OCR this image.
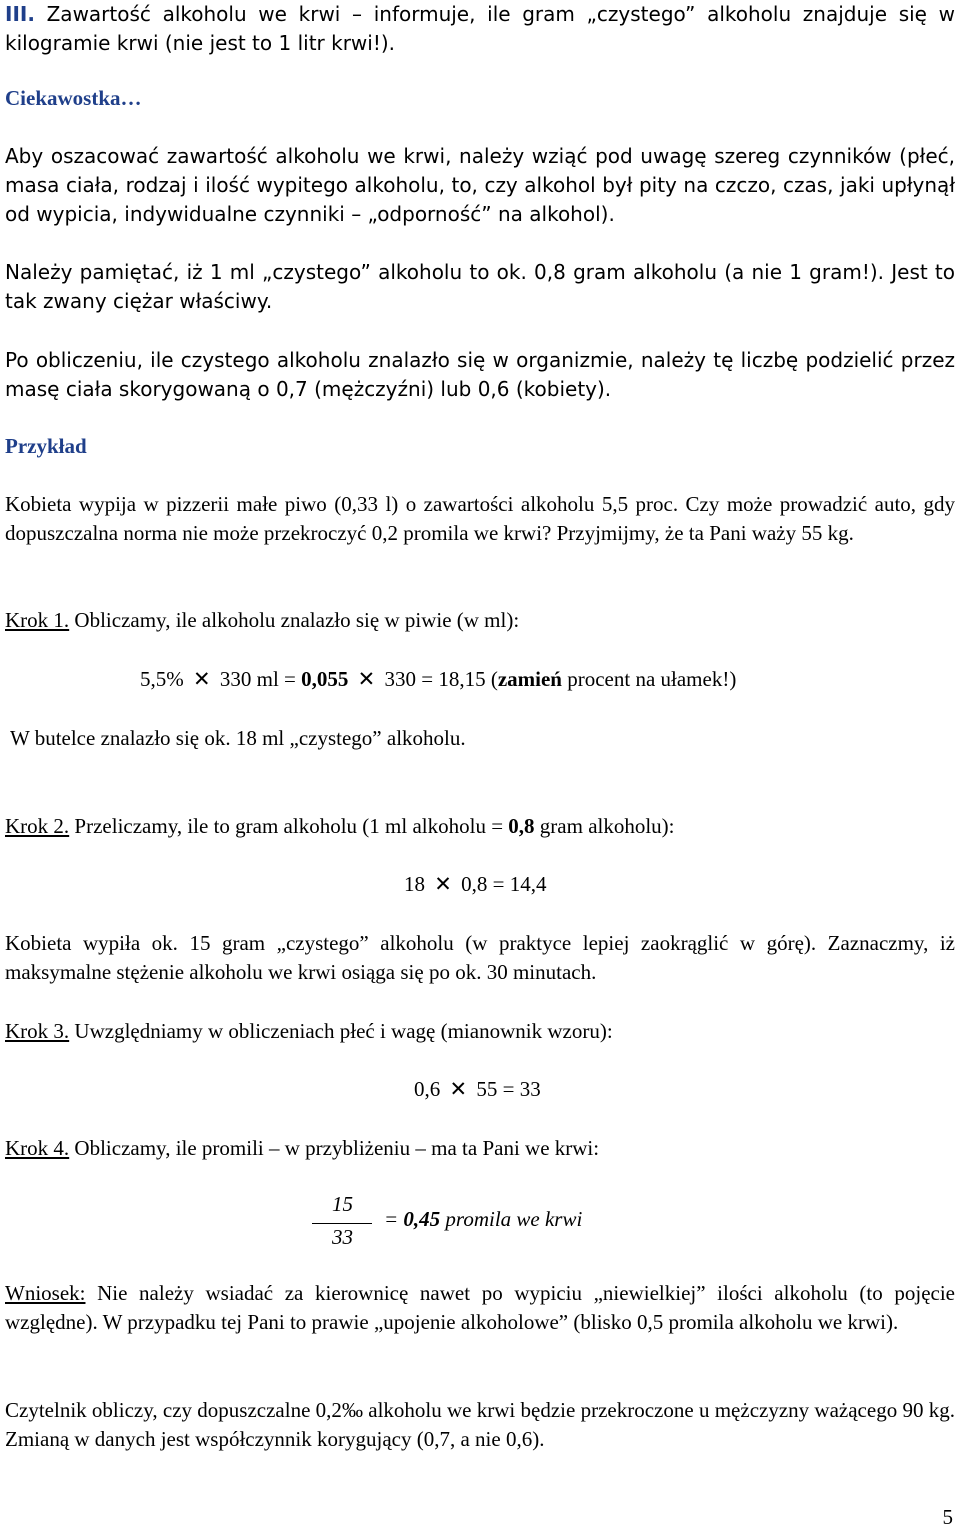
III. Zawartość alkoholu we krwi – informuje, ile gram „czystego” alkoholu znajduje się w kilogramie krwi (nie jest to 1 litr krwi!).
Ciekawostka…
Aby oszacować zawartość alkoholu we krwi, należy wziąć pod uwagę szereg czynników (płeć, masa ciała, rodzaj i ilość wypitego alkoholu, to, czy alkohol był pity na czczo, czas, jaki upłynął od wypicia, indywidualne czynniki – „odporność” na alkohol).
Należy pamiętać, iż 1 ml „czystego” alkoholu to ok. 0,8 gram alkoholu (a nie 1 gram!). Jest to tak zwany ciężar właściwy.
Po obliczeniu, ile czystego alkoholu znalazło się w organizmie, należy tę liczbę podzielić przez masę ciała skorygowaną o 0,7 (mężczyźni) lub 0,6 (kobiety).
Przykład
Kobieta wypija w pizzerii małe piwo (0,33 l) o zawartości alkoholu 5,5 proc. Czy może prowadzić auto, gdy dopuszczalna norma nie może przekroczyć 0,2 promila we krwi? Przyjmijmy, że ta Pani waży 55 kg.
Krok 1. Obliczamy, ile alkoholu znalazło się w piwie (w ml):
5,5% ✕ 330 ml = 0,055 ✕ 330 = 18,15 (zamień procent na ułamek!)
W butelce znalazło się ok. 18 ml „czystego” alkoholu.
Krok 2. Przeliczamy, ile to gram alkoholu (1 ml alkoholu = 0,8 gram alkoholu):
18 ✕ 0,8 = 14,4
Kobieta wypiła ok. 15 gram „czystego” alkoholu (w praktyce lepiej zaokrąglić w górę). Zaznaczmy, iż maksymalne stężenie alkoholu we krwi osiąga się po ok. 30 minutach.
Krok 3. Uwzględniamy w obliczeniach płeć i wagę (mianownik wzoru):
0,6 ✕ 55 = 33
Krok 4. Obliczamy, ile promili – w przybliżeniu – ma ta Pani we krwi:
15
33
= 0,45 promila we krwi
Wniosek: Nie należy wsiadać za kierownicę nawet po wypiciu „niewielkiej” ilości alkoholu (to pojęcie względne). W przypadku tej Pani to prawie „upojenie alkoholowe” (blisko 0,5 promila alkoholu we krwi).
Czytelnik obliczy, czy dopuszczalne 0,2‰ alkoholu we krwi będzie przekroczone u mężczyzny ważącego 90 kg. Zmianą w danych jest współczynnik korygujący (0,7, a nie 0,6).
5
